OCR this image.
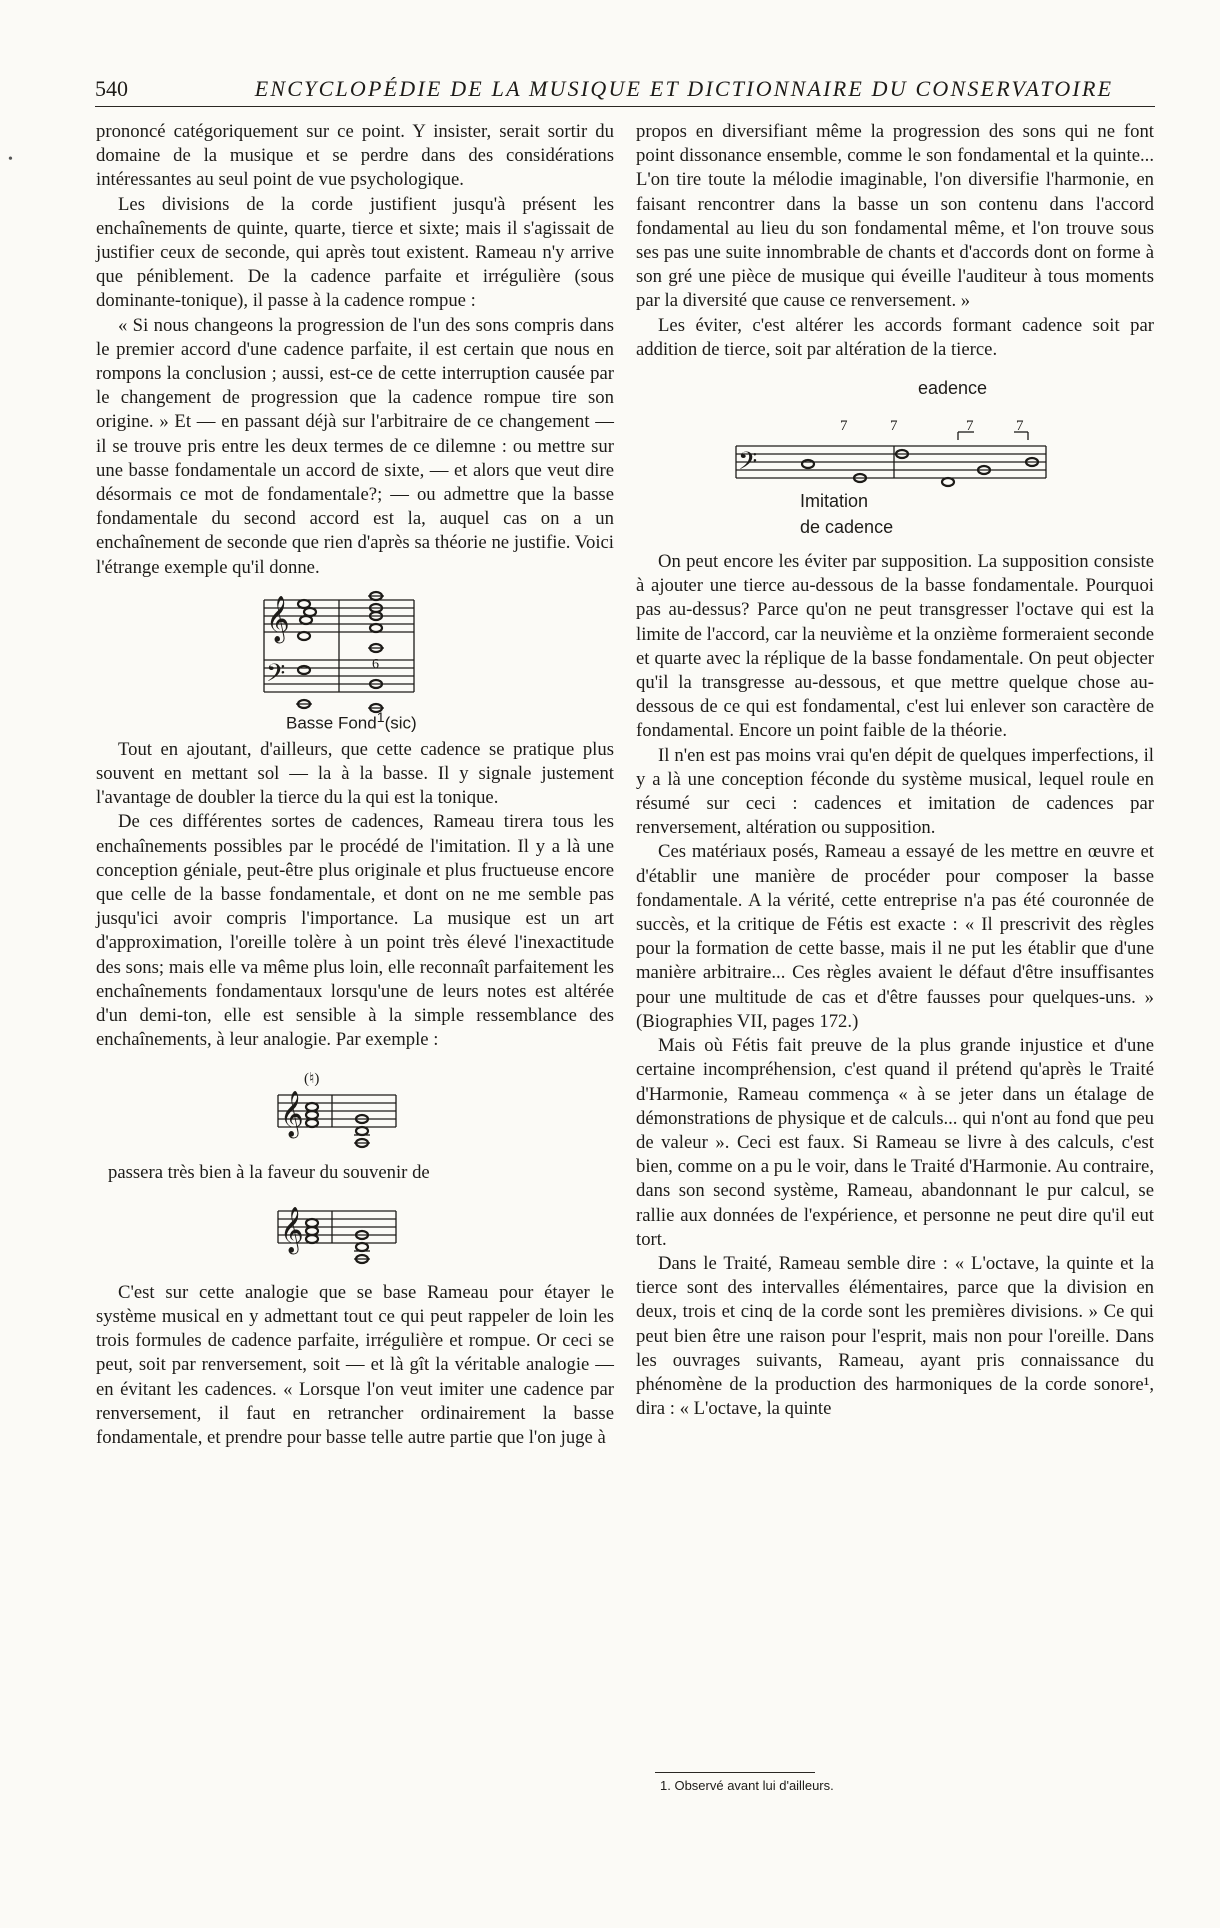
540	ENCYCLOPÉDIE DE LA MUSIQUE ET DICTIONNAIRE DU CONSERVATOIRE
•

prononcé catégoriquement sur ce point. Y insister, serait sortir du domaine de la musique et se perdre dans des considérations intéressantes au seul point de vue psychologique.

Les divisions de la corde justifient jusqu'à présent les enchaînements de quinte, quarte, tierce et sixte; mais il s'agissait de justifier ceux de seconde, qui après tout existent. Rameau n'y arrive que péniblement. De la cadence parfaite et irrégulière (sous dominante-tonique), il passe à la cadence rompue :

« Si nous changeons la progression de l'un des sons compris dans le premier accord d'une cadence parfaite, il est certain que nous en rompons la conclusion ; aussi, est-ce de cette interruption causée par le changement de progression que la cadence rompue tire son origine. » Et — en passant déjà sur l'arbitraire de ce changement — il se trouve pris entre les deux termes de ce dilemne : ou mettre sur une basse fondamentale un accord de sixte, — et alors que veut dire désormais ce mot de fondamentale?; — ou admettre que la basse fondamentale du second accord est la, auquel cas on a un enchaînement de seconde que rien d'après sa théorie ne justifie. Voici l'étrange exemple qu'il donne.

𝄞
𝄢	6
Basse Fond$^1$(sic)

Tout en ajoutant, d'ailleurs, que cette cadence se pratique plus souvent en mettant sol — la à la basse. Il y signale justement l'avantage de doubler la tierce du la qui est la tonique.

De ces différentes sortes de cadences, Rameau tirera tous les enchaînements possibles par le procédé de l'imitation. Il y a là une conception géniale, peut-être plus originale et plus fructueuse encore que celle de la basse fondamentale, et dont on ne me semble pas jusqu'ici avoir compris l'importance. La musique est un art d'approximation, l'oreille tolère à un point très élevé l'inexactitude des sons; mais elle va même plus loin, elle reconnaît parfaitement les enchaînements fondamentaux lorsqu'une de leurs notes est altérée d'un demi-ton, elle est sensible à la simple ressemblance des enchaînements, à leur analogie. Par exemple :

𝄞
(♮)

passera très bien à la faveur du souvenir de

𝄞

C'est sur cette analogie que se base Rameau pour étayer le système musical en y admettant tout ce qui peut rappeler de loin les trois formules de cadence parfaite, irrégulière et rompue. Or ceci se peut, soit par renversement, soit — et là gît la véritable analogie — en évitant les cadences. « Lorsque l'on veut imiter une cadence par renversement, il faut en retrancher ordinairement la basse fondamentale, et prendre pour basse telle autre partie que l'on juge à

propos en diversifiant même la progression des sons qui ne font point dissonance ensemble, comme le son fondamental et la quinte... L'on tire toute la mélodie imaginable, l'on diversifie l'harmonie, en faisant rencontrer dans la basse un son contenu dans l'accord fondamental au lieu du son fondamental même, et l'on trouve sous ses pas une suite innombrable de chants et d'accords dont on forme à son gré une pièce de musique qui éveille l'auditeur à tous moments par la diversité que cause ce renversement. »

Les éviter, c'est altérer les accords formant cadence soit par addition de tierce, soit par altération de la tierce.

eadence
𝄢
7	7	7	7
Imitation
de cadence

On peut encore les éviter par supposition. La supposition consiste à ajouter une tierce au-dessous de la basse fondamentale. Pourquoi pas au-dessus? Parce qu'on ne peut transgresser l'octave qui est la limite de l'accord, car la neuvième et la onzième formeraient seconde et quarte avec la réplique de la basse fondamentale. On peut objecter qu'il la transgresse au-dessous, et que mettre quelque chose au-dessous de ce qui est fondamental, c'est lui enlever son caractère de fondamental. Encore un point faible de la théorie.

Il n'en est pas moins vrai qu'en dépit de quelques imperfections, il y a là une conception féconde du système musical, lequel roule en résumé sur ceci : cadences et imitation de cadences par renversement, altération ou supposition.

Ces matériaux posés, Rameau a essayé de les mettre en œuvre et d'établir une manière de procéder pour composer la basse fondamentale. A la vérité, cette entreprise n'a pas été couronnée de succès, et la critique de Fétis est exacte : « Il prescrivit des règles pour la formation de cette basse, mais il ne put les établir que d'une manière arbitraire... Ces règles avaient le défaut d'être insuffisantes pour une multitude de cas et d'être fausses pour quelques-uns. » (Biographies VII, pages 172.)

Mais où Fétis fait preuve de la plus grande injustice et d'une certaine incompréhension, c'est quand il prétend qu'après le Traité d'Harmonie, Rameau commença « à se jeter dans un étalage de démonstrations de physique et de calculs... qui n'ont au fond que peu de valeur ». Ceci est faux. Si Rameau se livre à des calculs, c'est bien, comme on a pu le voir, dans le Traité d'Harmonie. Au contraire, dans son second système, Rameau, abandonnant le pur calcul, se rallie aux données de l'expérience, et personne ne peut dire qu'il eut tort.

Dans le Traité, Rameau semble dire : « L'octave, la quinte et la tierce sont des intervalles élémentaires, parce que la division en deux, trois et cinq de la corde sont les premières divisions. » Ce qui peut bien être une raison pour l'esprit, mais non pour l'oreille. Dans les ouvrages suivants, Rameau, ayant pris connaissance du phénomène de la production des harmoniques de la corde sonore¹, dira : « L'octave, la quinte

1. Observé avant lui d'ailleurs.
